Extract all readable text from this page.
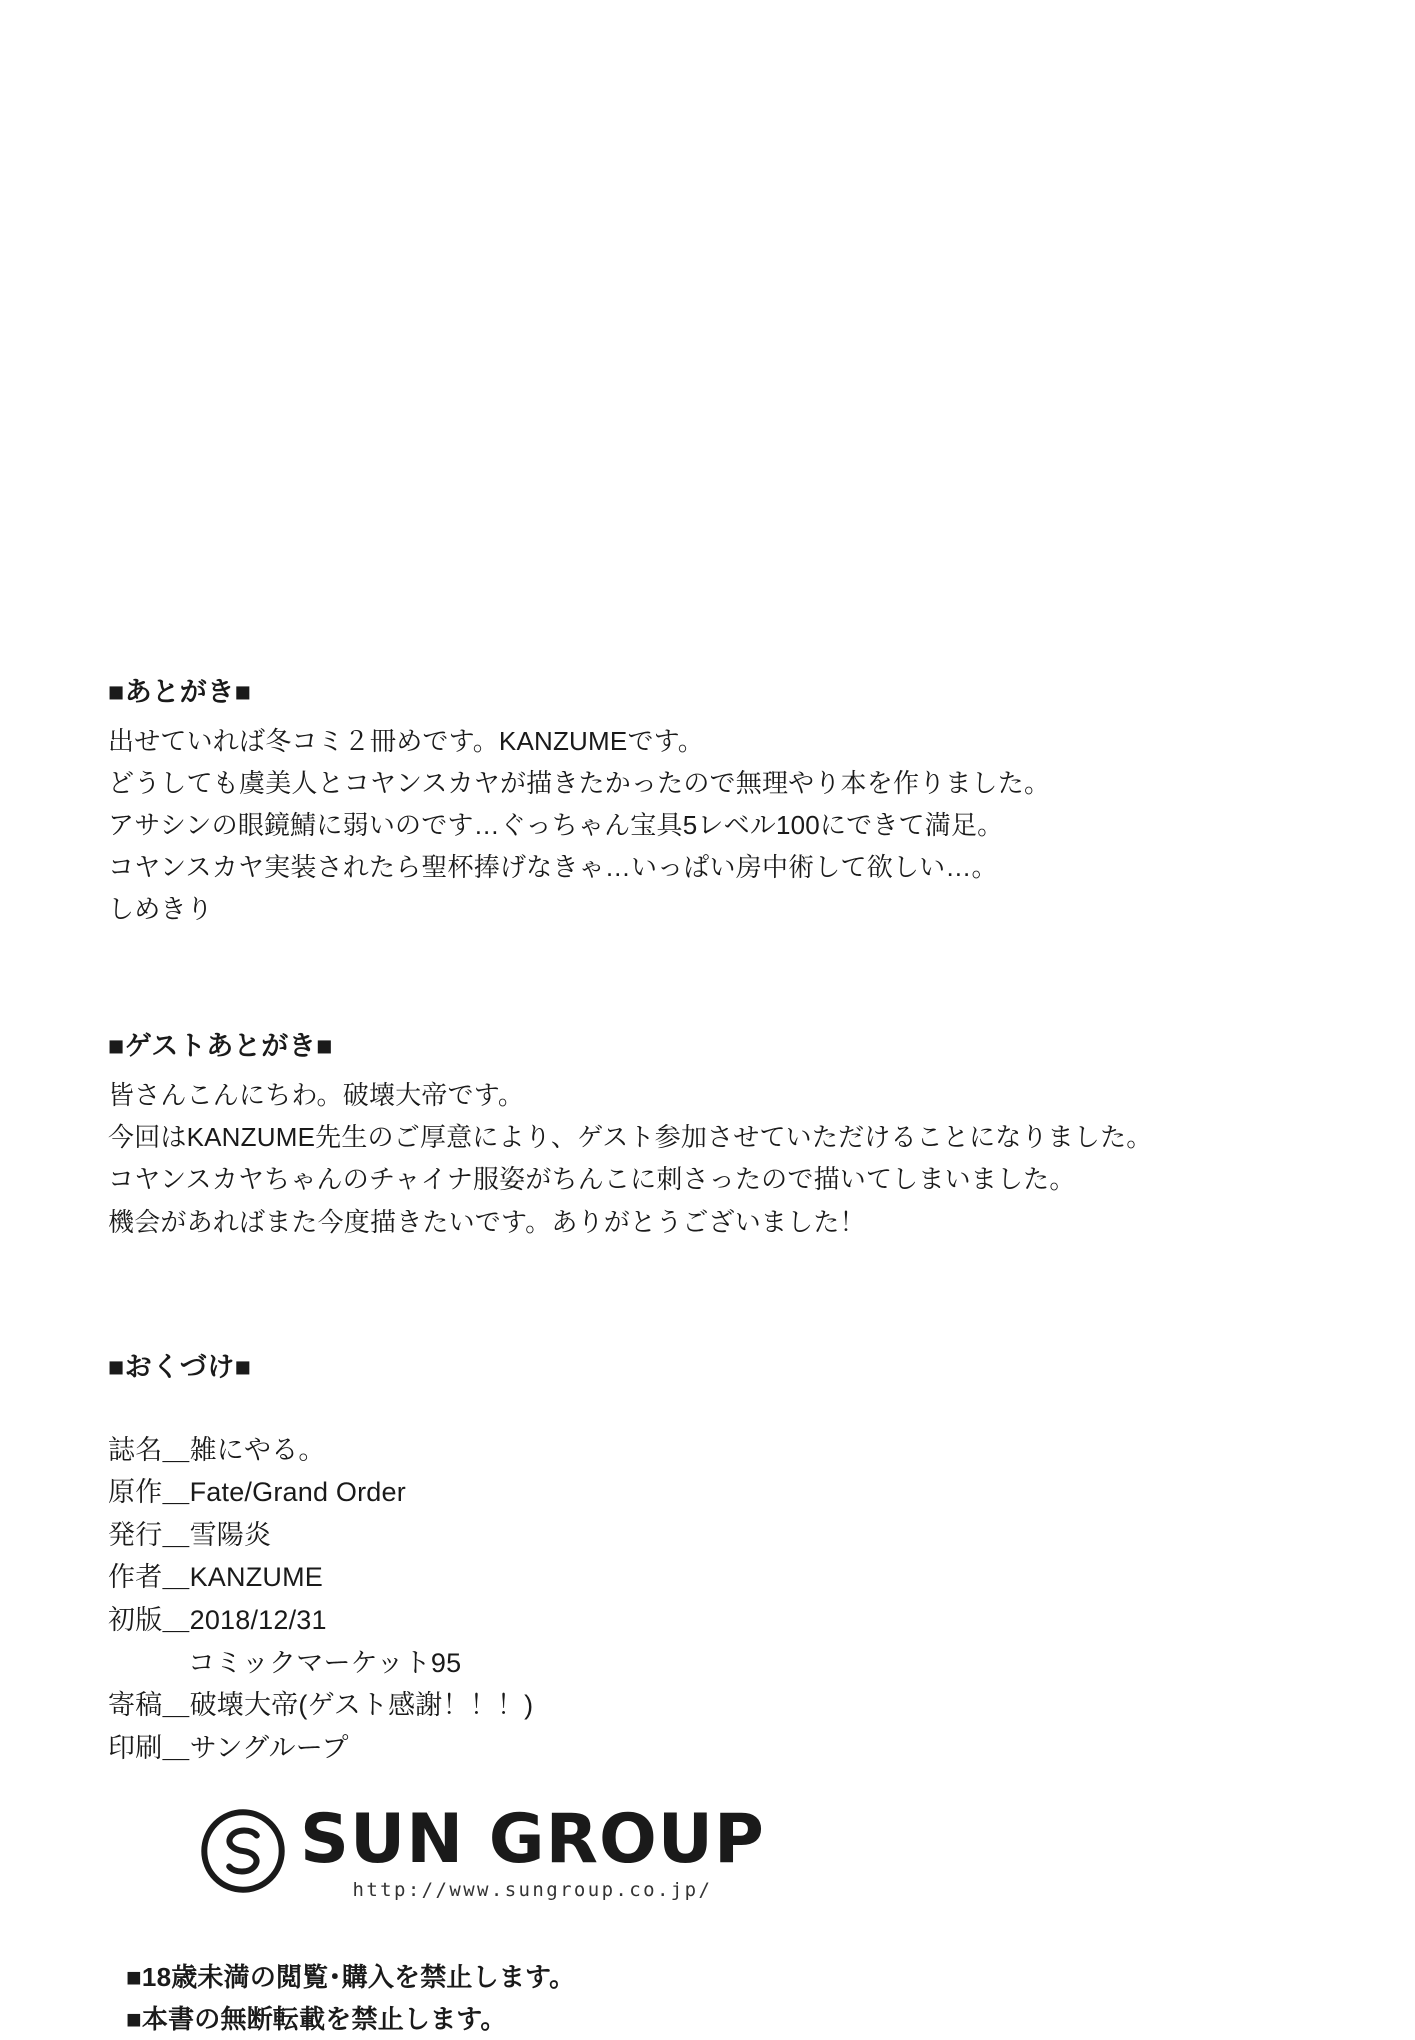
■あとがき■

出せていれば冬コミ２冊めです。KANZUMEです。

どうしても虞美人とコヤンスカヤが描きたかったので無理やり本を作りました。

アサシンの眼鏡鯖に弱いのです…ぐっちゃん宝具5レベル100にできて満足。

コヤンスカヤ実装されたら聖杯捧げなきゃ…いっぱい房中術して欲しい…。

しめきり

■ゲストあとがき■

皆さんこんにちわ。破壊大帝です。

今回はKANZUME先生のご厚意により、ゲスト参加させていただけることになりました。

コヤンスカヤちゃんのチャイナ服姿がちんこに刺さったので描いてしまいました。

機会があればまた今度描きたいです。ありがとうございました！

■おくづけ■

誌名＿雑にやる。

原作＿Fate/Grand Order

発行＿雪陽炎

作者＿KANZUME

初版＿2018/12/31

コミックマーケット95

寄稿＿破壊大帝(ゲスト感謝！！！)

印刷＿サングループ

SUN GROUP
http://www.sungroup.co.jp/

■18歳未満の閲覧･購入を禁止します。

■本書の無断転載を禁止します。
